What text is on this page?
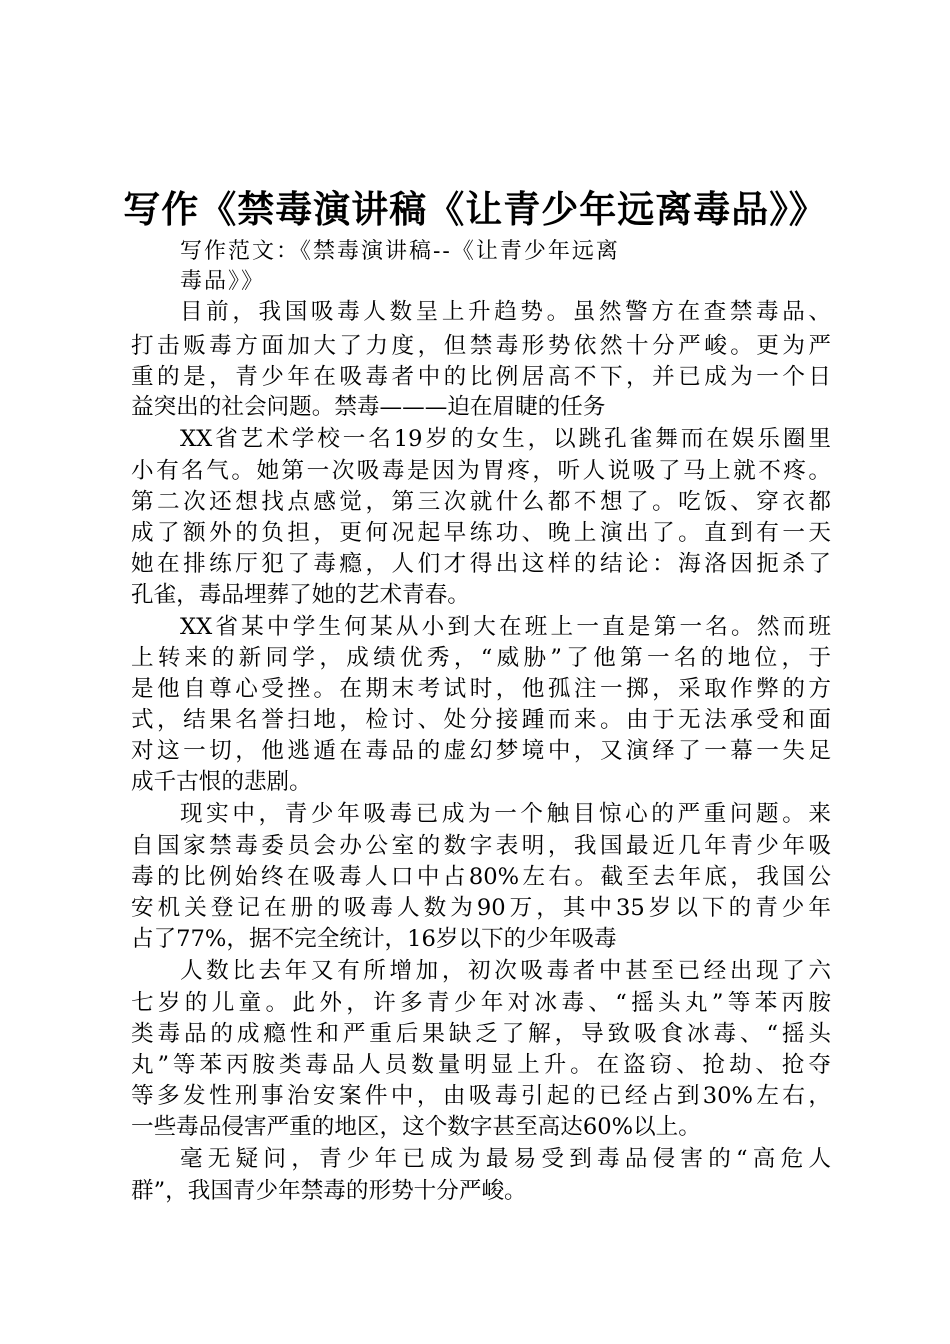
写作《禁毒演讲稿《让青少年远离毒品》》
写作范文：《禁毒演讲稿--《让青少年远离
毒品》》
目前，我国吸毒人数呈上升趋势。虽然警方在查禁毒品、
打击贩毒方面加大了力度，但禁毒形势依然十分严峻。更为严
重的是，青少年在吸毒者中的比例居高不下，并已成为一个日
益突出的社会问题。禁毒———迫在眉睫的任务
XX省艺术学校一名19岁的女生，以跳孔雀舞而在娱乐圈里
小有名气。她第一次吸毒是因为胃疼，听人说吸了马上就不疼。
第二次还想找点感觉，第三次就什么都不想了。吃饭、穿衣都
成了额外的负担，更何况起早练功、晚上演出了。直到有一天
她在排练厅犯了毒瘾，人们才得出这样的结论：海洛因扼杀了
孔雀，毒品埋葬了她的艺术青春。
XX省某中学生何某从小到大在班上一直是第一名。然而班
上转来的新同学，成绩优秀，“威胁”了他第一名的地位，于
是他自尊心受挫。在期末考试时，他孤注一掷，采取作弊的方
式，结果名誉扫地，检讨、处分接踵而来。由于无法承受和面
对这一切，他逃遁在毒品的虚幻梦境中，又演绎了一幕一失足
成千古恨的悲剧。
现实中，青少年吸毒已成为一个触目惊心的严重问题。来
自国家禁毒委员会办公室的数字表明，我国最近几年青少年吸
毒的比例始终在吸毒人口中占80%左右。截至去年底，我国公
安机关登记在册的吸毒人数为90万，其中35岁以下的青少年
占了77%，据不完全统计，16岁以下的少年吸毒
人数比去年又有所增加，初次吸毒者中甚至已经出现了六
七岁的儿童。此外，许多青少年对冰毒、“摇头丸”等苯丙胺
类毒品的成瘾性和严重后果缺乏了解，导致吸食冰毒、“摇头
丸”等苯丙胺类毒品人员数量明显上升。在盗窃、抢劫、抢夺
等多发性刑事治安案件中，由吸毒引起的已经占到30%左右，
一些毒品侵害严重的地区，这个数字甚至高达60%以上。
毫无疑问，青少年已成为最易受到毒品侵害的“高危人
群”，我国青少年禁毒的形势十分严峻。
